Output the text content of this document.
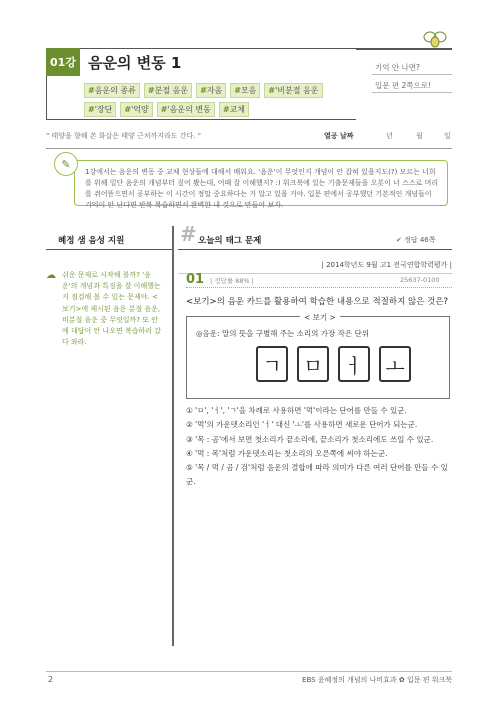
01강 음운의 변동 1
#음운의 종류	#분절 음운	#자음	#모음	#'비분절 음운
#'장단	#'억양	#'음운의 변동	#교체
기억 안 나면?
입문 편 2쪽으로!
" 태양을 향해 쏜 화살은 태양 근처까지라도 간다. "	열공 날짜	년	월	일
1강에서는 음운의 변동 중 교체 현상들에 대해서 배워요. '음운'이 무엇인지 개념이 안 잡혀 있을지도(?) 모르는 너희를 위해 일단 음운의 개념부터 짚어 봤는데, 어때 잘 이해했지? :) 워크북에 있는 기출문제들을 오롯이 너 스스로 머리를 쥐어뜯으면서 공부하는 이 시간이 정말 중요하다는 거 알고 있을 거야. 입문 편에서 공부했던 기본적인 개념들이 기억이 안 난다면 반복 복습하면서 완벽한 내 것으로 만들어 보자.
✎
혜정 샘 음성 지원
☁ 쉬운 문제로 시작해 볼까? '음운'의 개념과 특징을 잘 이해했는지 점검해 볼 수 있는 문제야. <보기>에 제시된 음운 분절 음운, 비분절 음운 중 무엇일까? 또 안에 대답이 안 나오면 복습하러 갔다 와라.
# 오늘의 태그 문제	✔ 정답 46쪽
| 2014학년도 9월 고1 전국연합학력평가 |
01 | 정답률 88% |	25637-0100
<보기>의 음운 카드를 활용하여 학습한 내용으로 적절하지 않은 것은?
< 보기 >
◎음운: 말의 뜻을 구별해 주는 소리의 가장 작은 단위
ㄱ	ㅁ	ㅓ	ㅗ
① 'ㅁ', 'ㅓ', 'ㄱ'을 차례로 사용하면 '먹'이라는 단어를 만들 수 있군.
② '먹'의 가운뎃소리인 'ㅓ' 대신 'ㅗ'를 사용하면 새로운 단어가 되는군.
③ '목 : 곰'에서 보면 첫소리가 끝소리에, 끝소리가 첫소리에도 쓰일 수 있군.
④ '먹 : 목'처럼 가운뎃소리는 첫소리의 오른쪽에 써야 하는군.
⑤ '목 / 먹 / 곰 / 검'처럼 음운의 결합에 따라 의미가 다른 여러 단어를 만들 수 있군.
2	EBS 윤혜정의 개념의 나비효과 ✿ 입문 편 워크북
